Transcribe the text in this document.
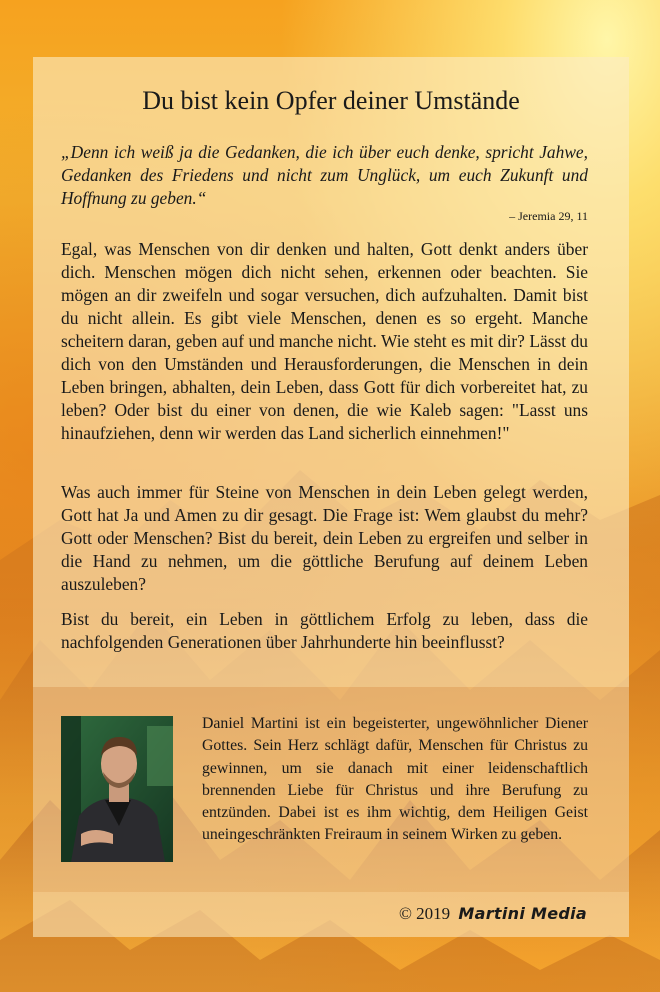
Du bist kein Opfer deiner Umstände

„Denn ich weiß ja die Gedanken, die ich über euch denke, spricht Jahwe, Gedanken des Friedens und nicht zum Unglück, um euch Zukunft und Hoffnung zu geben.“

– Jeremia 29, 11

Egal, was Menschen von dir denken und halten, Gott denkt anders über dich. Menschen mögen dich nicht sehen, erkennen oder beachten. Sie mögen an dir zweifeln und sogar versuchen, dich aufzuhalten. Damit bist du nicht allein. Es gibt viele Menschen, denen es so ergeht. Manche scheitern daran, geben auf und manche nicht. Wie steht es mit dir? Lässt du dich von den Umständen und Herausforderungen, die Menschen in dein Leben bringen, abhalten, dein Leben, dass Gott für dich vorbereitet hat, zu leben? Oder bist du einer von denen, die wie Kaleb sagen: "Lasst uns hinaufziehen, denn wir werden das Land sicherlich einnehmen!"

Was auch immer für Steine von Menschen in dein Leben gelegt werden, Gott hat Ja und Amen zu dir gesagt. Die Frage ist: Wem glaubst du mehr? Gott oder Menschen? Bist du bereit, dein Leben zu ergreifen und selber in die Hand zu nehmen, um die göttliche Berufung auf deinem Leben auszuleben?

Bist du bereit, ein Leben in göttlichem Erfolg zu leben, dass die nachfolgenden Generationen über Jahrhunderte hin beeinflusst?

Daniel Martini ist ein begeisterter, ungewöhnlicher Diener Gottes. Sein Herz schlägt dafür, Menschen für Christus zu gewinnen, um sie danach mit einer leidenschaftlich brennenden Liebe für Christus und ihre Berufung zu entzünden. Dabei ist es ihm wichtig, dem Heiligen Geist uneingeschränkten Freiraum in seinem Wirken zu geben.

© 2019 Martini Media
